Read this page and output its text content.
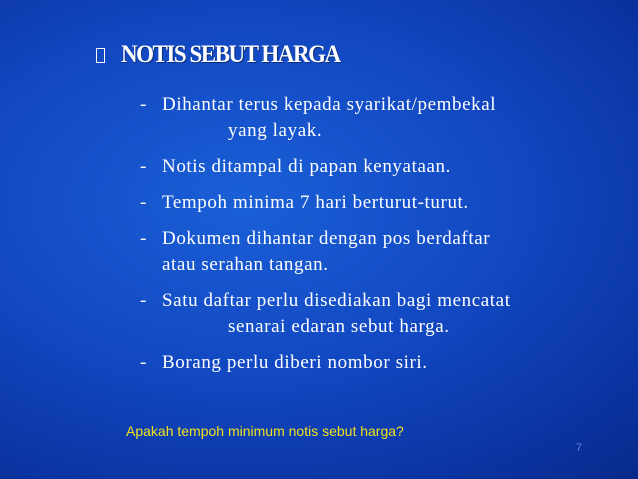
NOTIS SEBUT HARGA
- Dihantar terus kepada syarikat/pembekal
yang layak.
- Notis ditampal di papan kenyataan.
- Tempoh minima 7 hari berturut-turut.
- Dokumen dihantar dengan pos berdaftar
atau serahan tangan.
- Satu daftar perlu disediakan bagi mencatat
senarai edaran sebut harga.
- Borang perlu diberi nombor siri.
Apakah tempoh minimum notis sebut harga?
7
